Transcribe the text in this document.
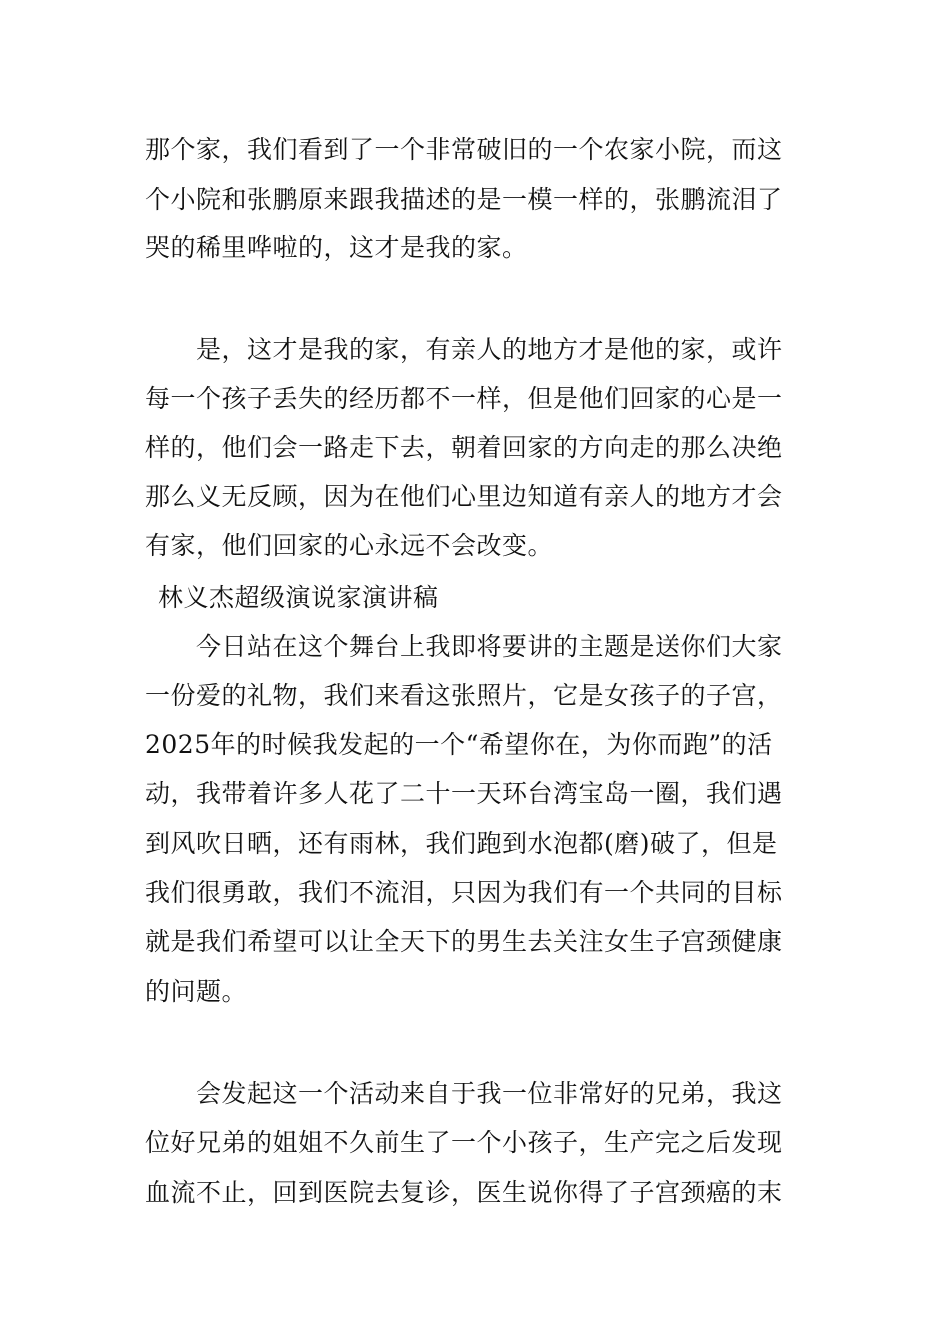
那个家，我们看到了一个非常破旧的一个农家小院，而这
个小院和张鹏原来跟我描述的是一模一样的，张鹏流泪了
哭的稀里哗啦的，这才是我的家。
是，这才是我的家，有亲人的地方才是他的家，或许
每一个孩子丢失的经历都不一样，但是他们回家的心是一
样的，他们会一路走下去，朝着回家的方向走的那么决绝
那么义无反顾，因为在他们心里边知道有亲人的地方才会
有家，他们回家的心永远不会改变。
林义杰超级演说家演讲稿
今日站在这个舞台上我即将要讲的主题是送你们大家
一份爱的礼物，我们来看这张照片，它是女孩子的子宫，
2025年的时候我发起的一个“希望你在，为你而跑”的活
动，我带着许多人花了二十一天环台湾宝岛一圈，我们遇
到风吹日晒，还有雨林，我们跑到水泡都(磨)破了，但是
我们很勇敢，我们不流泪，只因为我们有一个共同的目标
就是我们希望可以让全天下的男生去关注女生子宫颈健康
的问题。
会发起这一个活动来自于我一位非常好的兄弟，我这
位好兄弟的姐姐不久前生了一个小孩子，生产完之后发现
血流不止，回到医院去复诊，医生说你得了子宫颈癌的末
